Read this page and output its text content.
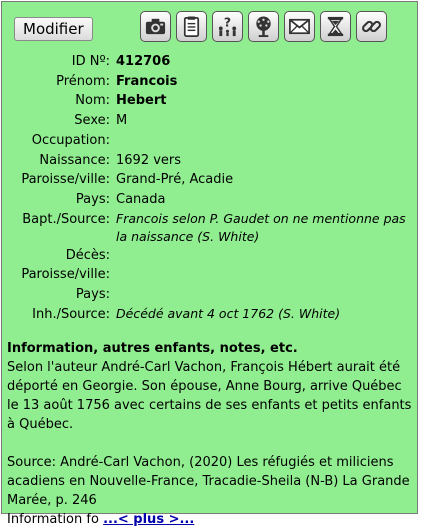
Modifier	?
ID Nº: 412706
Prénom: Francois
Nom: Hebert
Sexe: M
Occupation:
Naissance: 1692 vers
Paroisse/ville: Grand-Pré, Acadie
Pays: Canada
Bapt./Source: Francois selon P. Gaudet on ne mentionne pas la naissance (S. White)
Décès:
Paroisse/ville:
Pays:
Inh./Source: Décédé avant 4 oct 1762 (S. White)
Information, autres enfants, notes, etc.
Selon l'auteur André-Carl Vachon, François Hébert aurait été déporté en Georgie. Son épouse, Anne Bourg, arrive Québec le 13 août 1756 avec certains de ses enfants et petits enfants à Québec.
Source: André-Carl Vachon, (2020) Les réfugiés et miliciens acadiens en Nouvelle-France, Tracadie-Sheila (N-B) La Grande Marée, p. 246
Information fo ...< plus >...
